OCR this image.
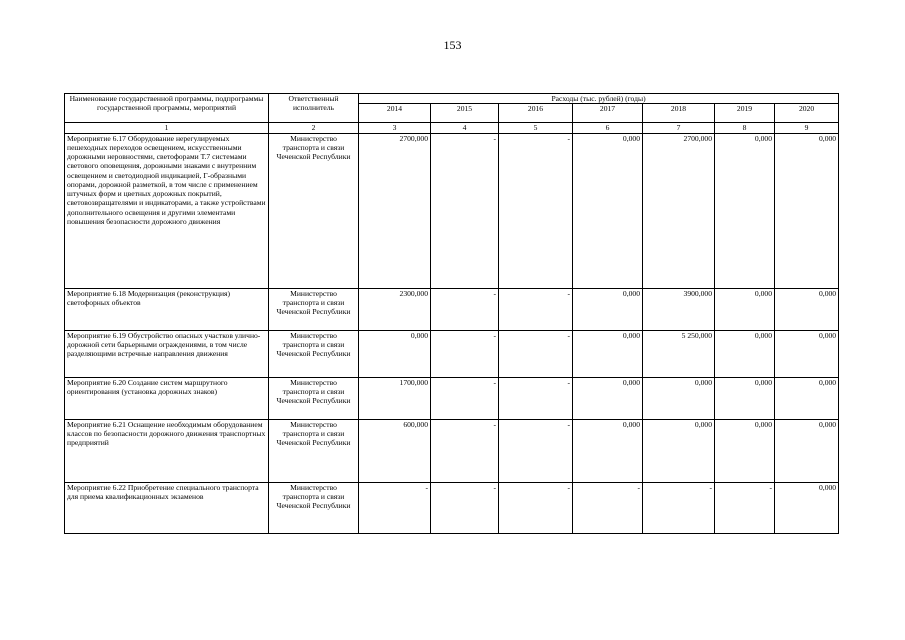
153
Наименование государственной программы, подпрограммы государственной программы, мероприятий	Ответственный исполнитель	Расходы (тыс. рублей) (годы)						
		2014	2015	2016	2017	2018	2019	2020
1	2	3	4	5	6	7	8	9
Мероприятие 6.17 Оборудование нерегулируемых пешеходных переходов освещением, искусственными дорожными неровностями, светофорами Т.7 системами светового оповещения, дорожными знаками с внутренним освещением и светодиодной индикацией, Г-образными опорами, дорожной разметкой, в том числе с применением штучных форм и цветных дорожных покрытий, световозвращателями и индикаторами, а также устройствами дополнительного освещения и другими элементами повышения безопасности дорожного движения	Министерство транспорта и связи Чеченской Республики	2700,000	-	-	0,000	2700,000	0,000	0,000
Мероприятие 6.18 Модернизация (реконструкция) светофорных объектов	Министерство транспорта и связи Чеченской Республики	2300,000	-	-	0,000	3900,000	0,000	0,000
Мероприятие 6.19 Обустройство опасных участков улично-дорожной сети барьерными ограждениями, в том числе разделяющими встречные направления движения	Министерство транспорта и связи Чеченской Республики	0,000	-	-	0,000	5 250,000	0,000	0,000
Мероприятие 6.20 Создание систем маршрутного ориентирования (установка дорожных знаков)	Министерство транспорта и связи Чеченской Республики	1700,000	-	-	0,000	0,000	0,000	0,000
Мероприятие 6.21 Оснащение необходимым оборудованием классов по безопасности дорожного движения транспортных предприятий	Министерство транспорта и связи Чеченской Республики	600,000	-	-	0,000	0,000	0,000	0,000
Мероприятие 6.22 Приобретение специального транспорта для приема квалификационных экзаменов	Министерство транспорта и связи Чеченской Республики	-	-	-	-	-	-	0,000
